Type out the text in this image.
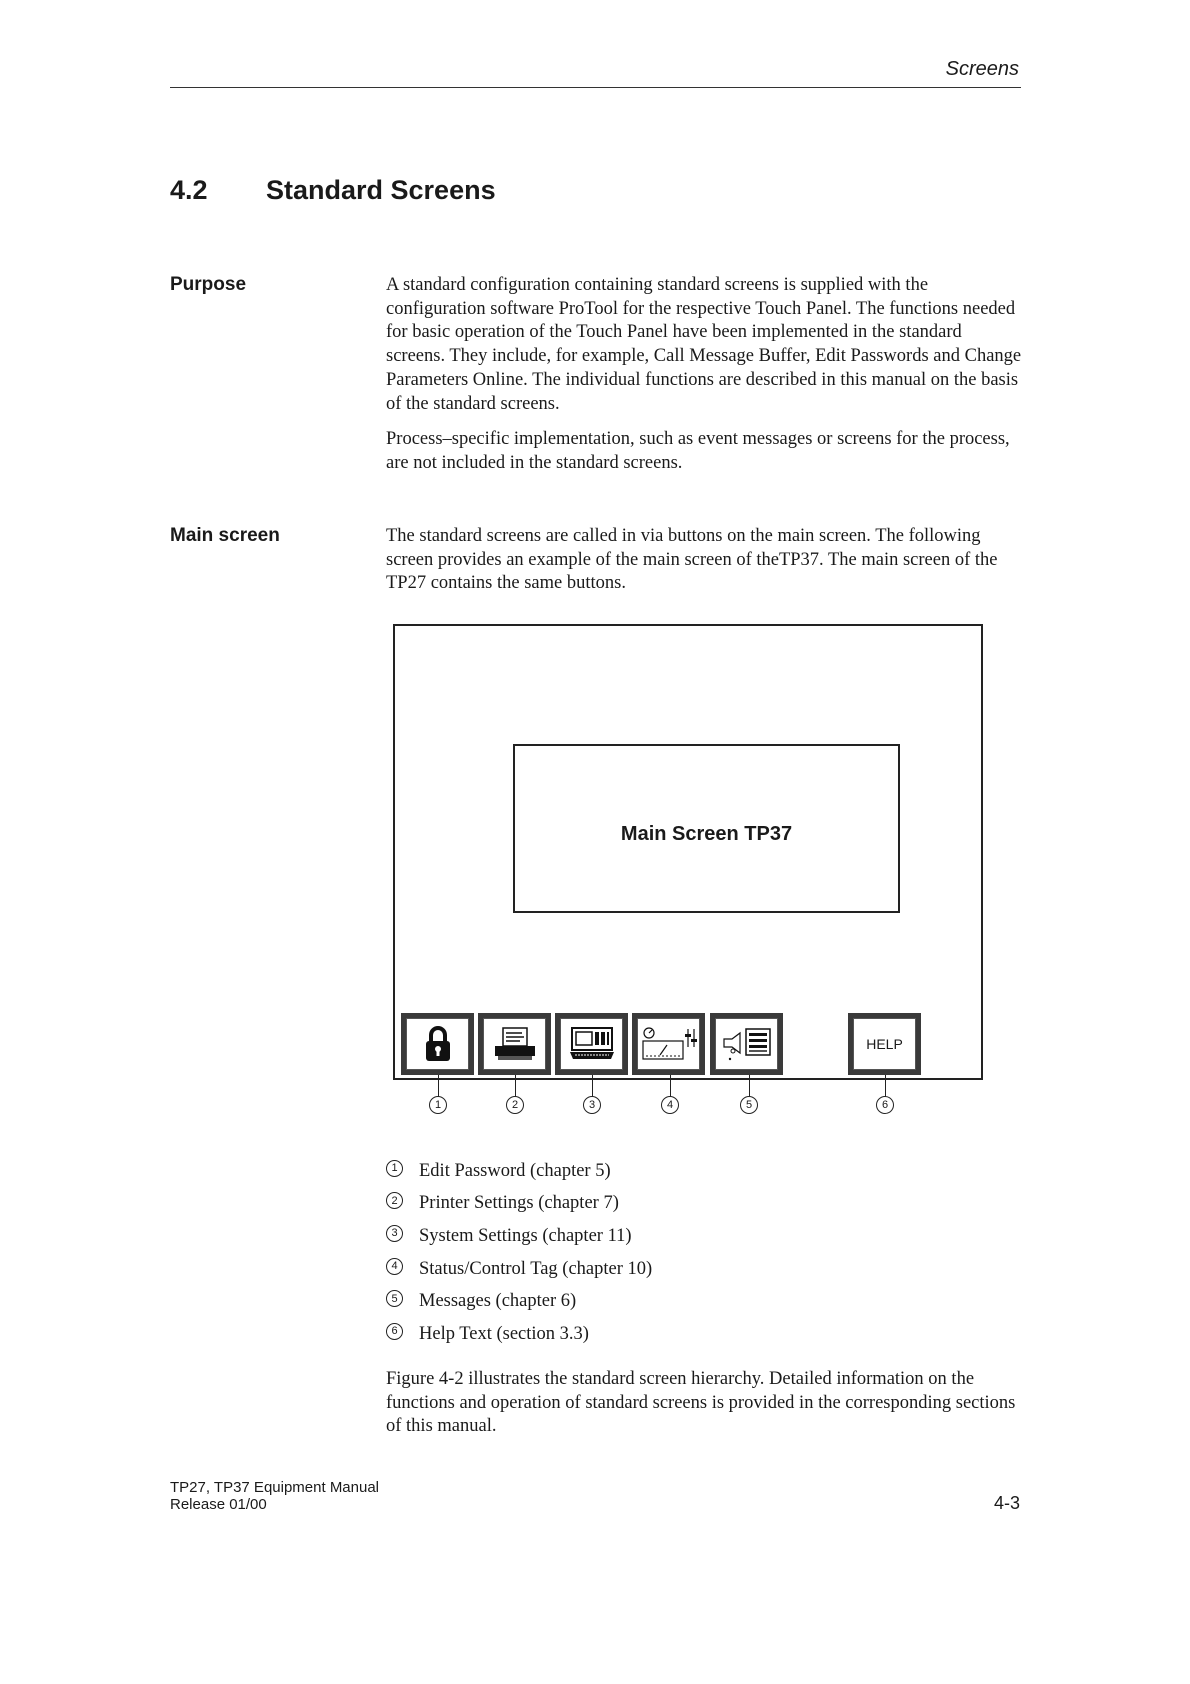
Screens
4.2 Standard Screens
Purpose	A standard configuration containing standard screens is supplied with the configuration software ProTool for the respective Touch Panel. The functions needed for basic operation of the Touch Panel have been implemented in the standard screens. They include, for example, Call Message Buffer, Edit Passwords and Change Parameters Online. The individual functions are described in this manual on the basis of the standard screens.

Process–specific implementation, such as event messages or screens for the process, are not included in the standard screens.

Main screen	The standard screens are called in via buttons on the main screen. The following screen provides an example of the main screen of theTP37. The main screen of the TP27 contains the same buttons.

Main Screen TP37
HELP
1	2	3	4	5	6
1 Edit Password (chapter 5)
2 Printer Settings (chapter 7)
3 System Settings (chapter 11)
4 Status/Control Tag (chapter 10)
5 Messages (chapter 6)
6 Help Text (section 3.3)

Figure 4-2 illustrates the standard screen hierarchy. Detailed information on the functions and operation of standard screens is provided in the corresponding sections of this manual.

TP27, TP37 Equipment Manual
Release 01/00	4-3
